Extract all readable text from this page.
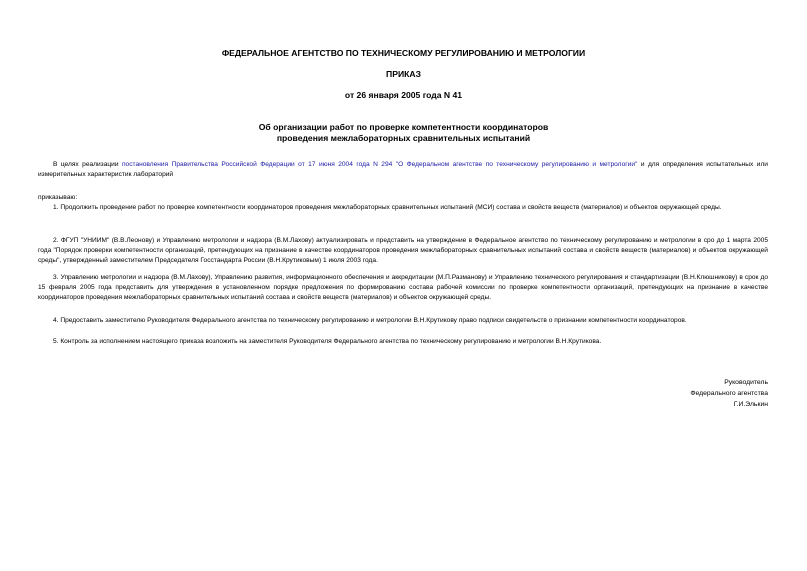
ФЕДЕРАЛЬНОЕ АГЕНТСТВО ПО ТЕХНИЧЕСКОМУ РЕГУЛИРОВАНИЮ И МЕТРОЛОГИИ
ПРИКАЗ
от 26 января 2005 года N 41
Об организации работ по проверке компетентности координаторов
проведения межлабораторных сравнительных испытаний
В целях реализации постановления Правительства Российской Федерации от 17 июня 2004 года N 294 "О Федеральном агентстве по техническому регулированию и метрологии" и для определения испытательных или измерительных характеристик лабораторий
приказываю:
1. Продолжить проведение работ по проверке компетентности координаторов проведения межлабораторных сравнительных испытаний (МСИ) состава и свойств веществ (материалов) и объектов окружающей среды.
2. ФГУП "УНИИМ" (В.В.Леонову) и Управлению метрологии и надзора (В.М.Лахову) актуализировать и представить на утверждение в Федеральное агентство по техническому регулированию и метрологии в сро до 1 марта 2005 года "Порядок проверки компетентности организаций, претендующих на признание в качестве координаторов проведения межлабораторных сравнительных испытаний состава и свойств веществ (материалов) и объектов окружающей среды", утвержденный заместителем Председателя Госстандарта России (В.Н.Крутиковым) 1 июля 2003 года.
3. Управлению метрологии и надзора (В.М.Лахову), Управлению развития, информационного обеспечения и аккредитации (М.П.Разманову) и Управлению технического регулирования и стандартизации (В.Н.Клюшникову) в срок до 15 февраля 2005 года представить для утверждения в установленном порядке предложения по формированию состава рабочей комиссии по проверке компетентности организаций, претендующих на признание в качестве координаторов проведения межлабораторных сравнительных испытаний состава и свойств веществ (материалов) и объектов окружающей среды.
4. Предоставить заместителю Руководителя Федерального агентства по техническому регулированию и метрологии В.Н.Крутикову право подписи свидетельств о признании компетентности координаторов.
5. Контроль за исполнением настоящего приказа возложить на заместителя Руководителя Федерального агентства по техническому регулированию и метрологии В.Н.Крутикова.
Руководитель
Федерального агентства
Г.И.Элькин
